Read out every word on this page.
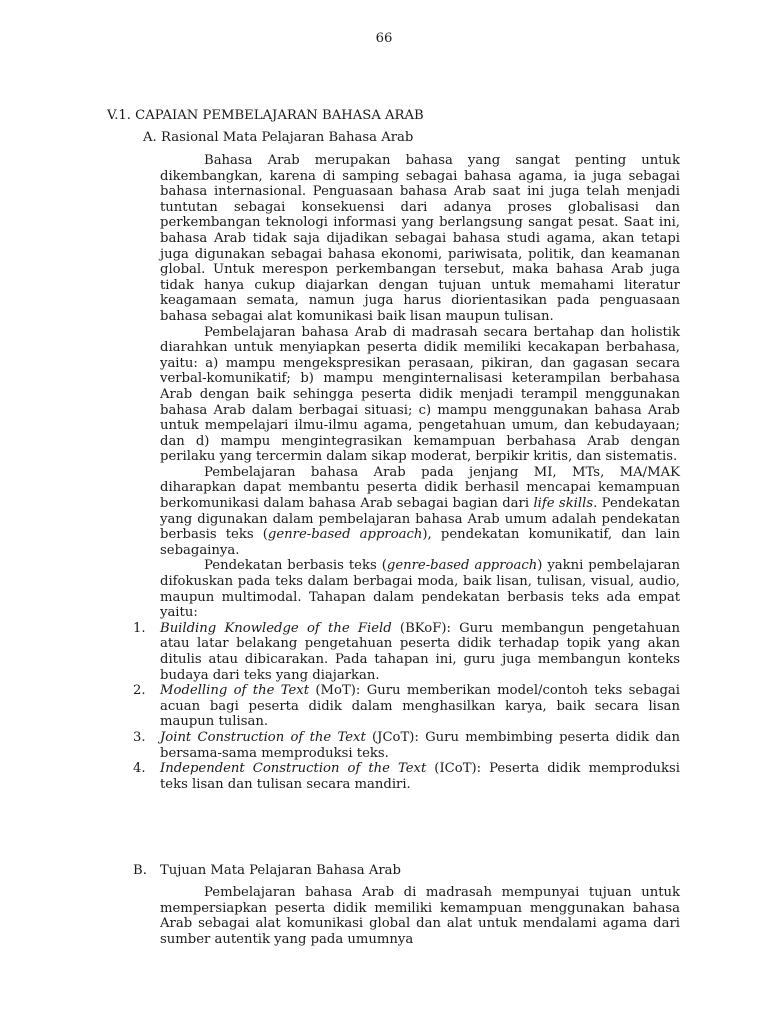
66
V.1. CAPAIAN PEMBELAJARAN BAHASA ARAB
A. Rasional Mata Pelajaran Bahasa Arab

Bahasa Arab merupakan bahasa yang sangat penting untuk dikembangkan, karena di samping sebagai bahasa agama, ia juga sebagai bahasa internasional. Penguasaan bahasa Arab saat ini juga telah menjadi tuntutan sebagai konsekuensi dari adanya proses globalisasi dan perkembangan teknologi informasi yang berlangsung sangat pesat. Saat ini, bahasa Arab tidak saja dijadikan sebagai bahasa studi agama, akan tetapi juga digunakan sebagai bahasa ekonomi, pariwisata, politik, dan keamanan global. Untuk merespon perkembangan tersebut, maka bahasa Arab juga tidak hanya cukup diajarkan dengan tujuan untuk memahami literatur keagamaan semata, namun juga harus diorientasikan pada penguasaan bahasa sebagai alat komunikasi baik lisan maupun tulisan.

Pembelajaran bahasa Arab di madrasah secara bertahap dan holistik diarahkan untuk menyiapkan peserta didik memiliki kecakapan berbahasa, yaitu: a) mampu mengekspresikan perasaan, pikiran, dan gagasan secara verbal-komunikatif; b) mampu menginternalisasi keterampilan berbahasa Arab dengan baik sehingga peserta didik menjadi terampil menggunakan bahasa Arab dalam berbagai situasi; c) mampu menggunakan bahasa Arab untuk mempelajari ilmu-ilmu agama, pengetahuan umum, dan kebudayaan; dan d) mampu mengintegrasikan kemampuan berbahasa Arab dengan perilaku yang tercermin dalam sikap moderat, berpikir kritis, dan sistematis.

Pembelajaran bahasa Arab pada jenjang MI, MTs, MA/MAK diharapkan dapat membantu peserta didik berhasil mencapai kemampuan berkomunikasi dalam bahasa Arab sebagai bagian dari life skills. Pendekatan yang digunakan dalam pembelajaran bahasa Arab umum adalah pendekatan berbasis teks (genre-based approach), pendekatan komunikatif, dan lain sebagainya.

Pendekatan berbasis teks (genre-based approach) yakni pembelajaran difokuskan pada teks dalam berbagai moda, baik lisan, tulisan, visual, audio, maupun multimodal. Tahapan dalam pendekatan berbasis teks ada empat yaitu:

1. Building Knowledge of the Field (BKoF): Guru membangun pengetahuan atau latar belakang pengetahuan peserta didik terhadap topik yang akan ditulis atau dibicarakan. Pada tahapan ini, guru juga membangun konteks budaya dari teks yang diajarkan.
2. Modelling of the Text (MoT): Guru memberikan model/contoh teks sebagai acuan bagi peserta didik dalam menghasilkan karya, baik secara lisan maupun tulisan.
3. Joint Construction of the Text (JCoT): Guru membimbing peserta didik dan bersama-sama memproduksi teks.
4. Independent Construction of the Text (ICoT): Peserta didik memproduksi teks lisan dan tulisan secara mandiri.
B. Tujuan Mata Pelajaran Bahasa Arab

Pembelajaran bahasa Arab di madrasah mempunyai tujuan untuk mempersiapkan peserta didik memiliki kemampuan menggunakan bahasa Arab sebagai alat komunikasi global dan alat untuk mendalami agama dari sumber autentik yang pada umumnya
